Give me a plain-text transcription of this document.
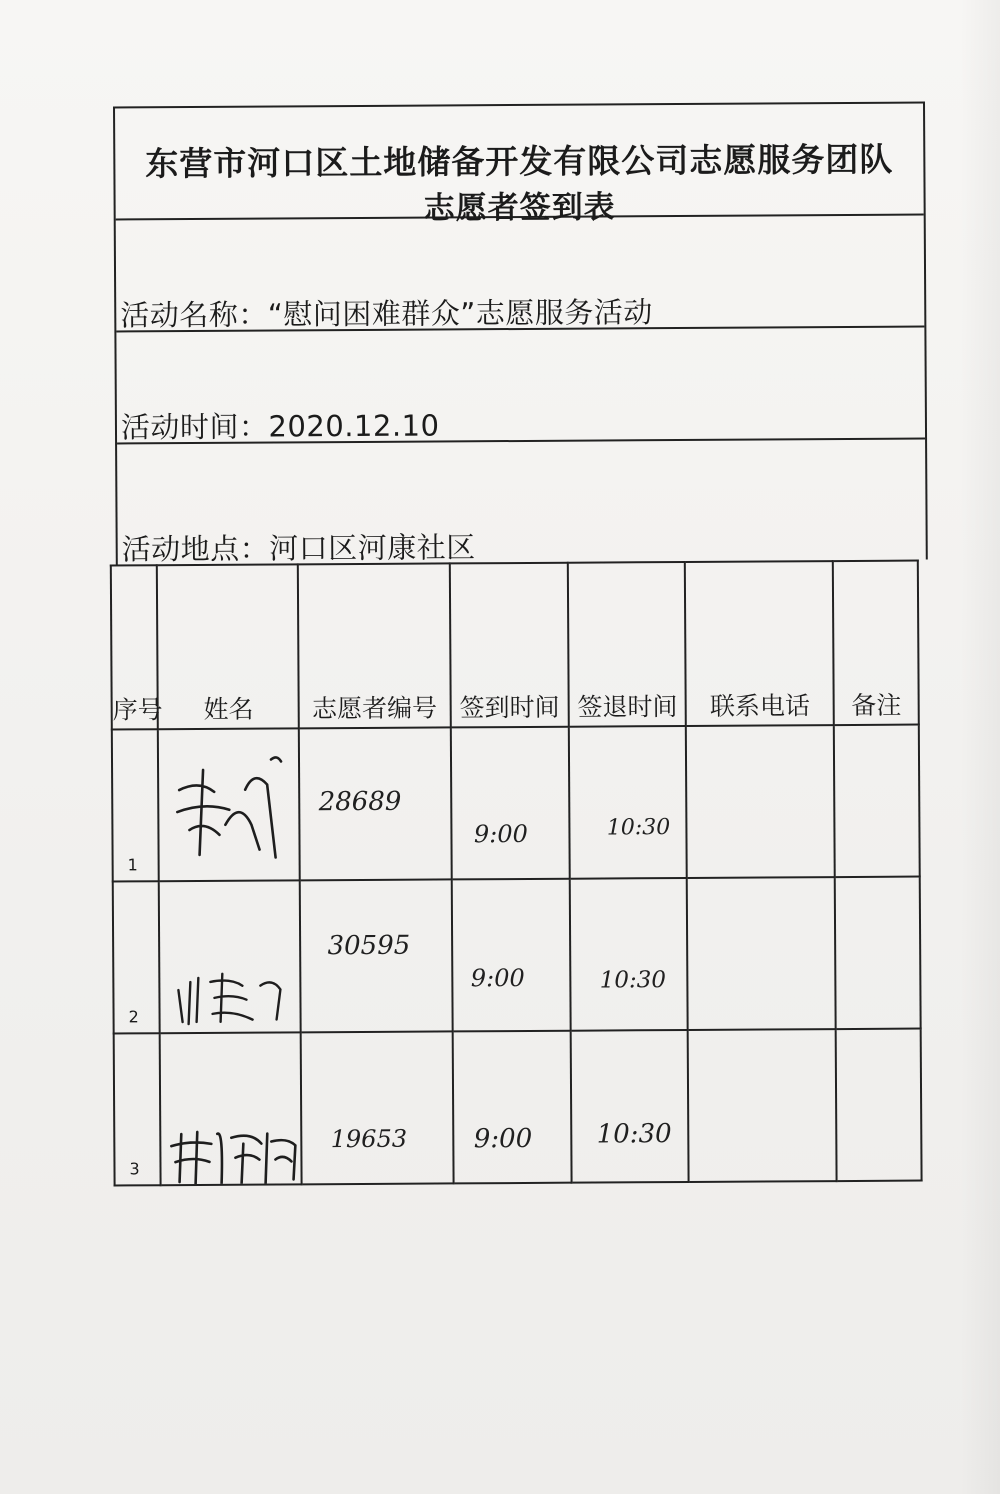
东营市河口区土地储备开发有限公司志愿服务团队
志愿者签到表
活动名称：“慰问困难群众”志愿服务活动
活动时间：2020.12.10
活动地点：河口区河康社区
序号	姓名	志愿者编号	签到时间	签退时间	联系电话	备注

1		28689	9:00	10:30		

2		30595	9:00	10:30		

3		19653	9:00	10:30		
